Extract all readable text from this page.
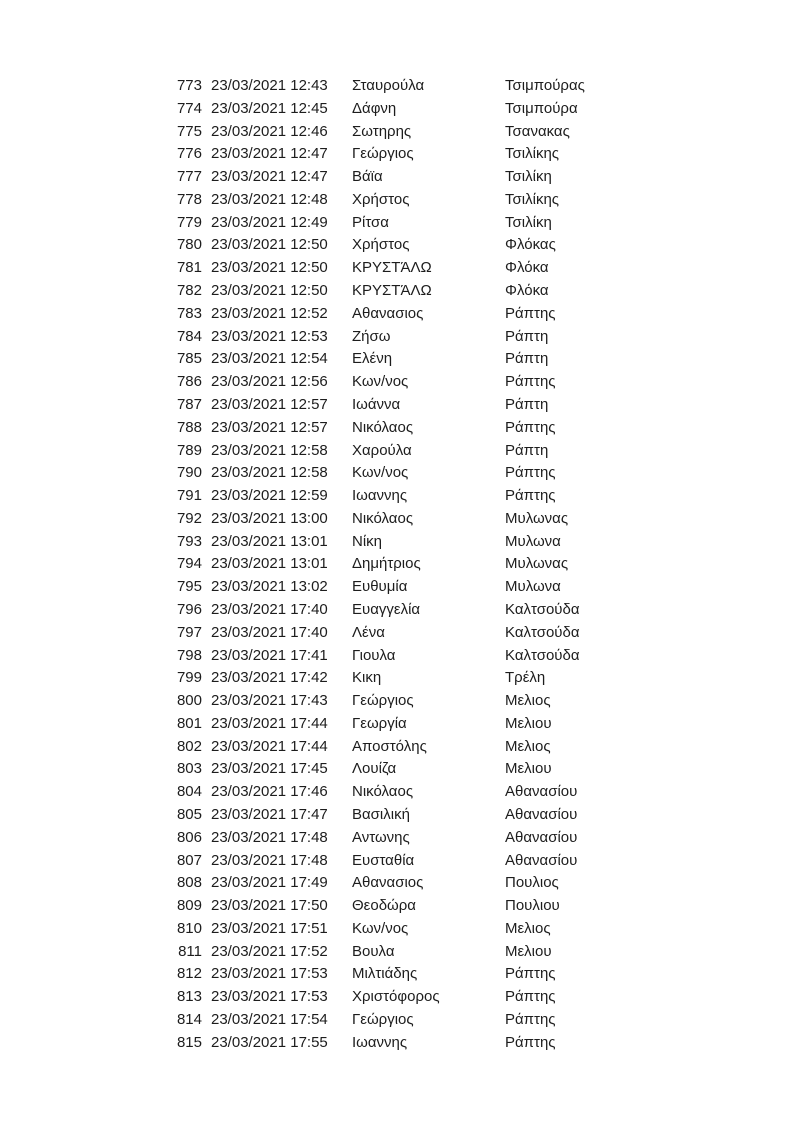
773 23/03/2021 12:43	Σταυρούλα	Τσιμπούρας
774 23/03/2021 12:45	Δάφνη	Τσιμπούρα
775 23/03/2021 12:46	Σωτηρης	Τσανακας
776 23/03/2021 12:47	Γεώργιος	Τσιλίκης
777 23/03/2021 12:47	Βάϊα	Τσιλίκη
778 23/03/2021 12:48	Χρήστος	Τσιλίκης
779 23/03/2021 12:49	Ρίτσα	Τσιλίκη
780 23/03/2021 12:50	Χρήστος	Φλόκας
781 23/03/2021 12:50	ΚΡΥΣΤΆΛΩ	Φλόκα
782 23/03/2021 12:50	ΚΡΥΣΤΆΛΩ	Φλόκα
783 23/03/2021 12:52	Αθανασιος	Ράπτης
784 23/03/2021 12:53	Ζήσω	Ράπτη
785 23/03/2021 12:54	Ελένη	Ράπτη
786 23/03/2021 12:56	Κων/νος	Ράπτης
787 23/03/2021 12:57	Ιωάννα	Ράπτη
788 23/03/2021 12:57	Νικόλαος	Ράπτης
789 23/03/2021 12:58	Χαρούλα	Ράπτη
790 23/03/2021 12:58	Κων/νος	Ράπτης
791 23/03/2021 12:59	Ιωαννης	Ράπτης
792 23/03/2021 13:00	Νικόλαος	Μυλωνας
793 23/03/2021 13:01	Νίκη	Μυλωνα
794 23/03/2021 13:01	Δημήτριος	Μυλωνας
795 23/03/2021 13:02	Ευθυμία	Μυλωνα
796 23/03/2021 17:40	Ευαγγελία	Καλτσούδα
797 23/03/2021 17:40	Λένα	Καλτσούδα
798 23/03/2021 17:41	Γιουλα	Καλτσούδα
799 23/03/2021 17:42	Κικη	Τρέλη
800 23/03/2021 17:43	Γεώργιος	Μελιος
801 23/03/2021 17:44	Γεωργία	Μελιου
802 23/03/2021 17:44	Αποστόλης	Μελιος
803 23/03/2021 17:45	Λουίζα	Μελιου
804 23/03/2021 17:46	Νικόλαος	Αθανασίου
805 23/03/2021 17:47	Βασιλική	Αθανασίου
806 23/03/2021 17:48	Αντωνης	Αθανασίου
807 23/03/2021 17:48	Ευσταθία	Αθανασίου
808 23/03/2021 17:49	Αθανασιος	Πουλιος
809 23/03/2021 17:50	Θεοδώρα	Πουλιου
810 23/03/2021 17:51	Κων/νος	Μελιος
811 23/03/2021 17:52	Βουλα	Μελιου
812 23/03/2021 17:53	Μιλτιάδης	Ράπτης
813 23/03/2021 17:53	Χριστόφορος	Ράπτης
814 23/03/2021 17:54	Γεώργιος	Ράπτης
815 23/03/2021 17:55	Ιωαννης	Ράπτης
